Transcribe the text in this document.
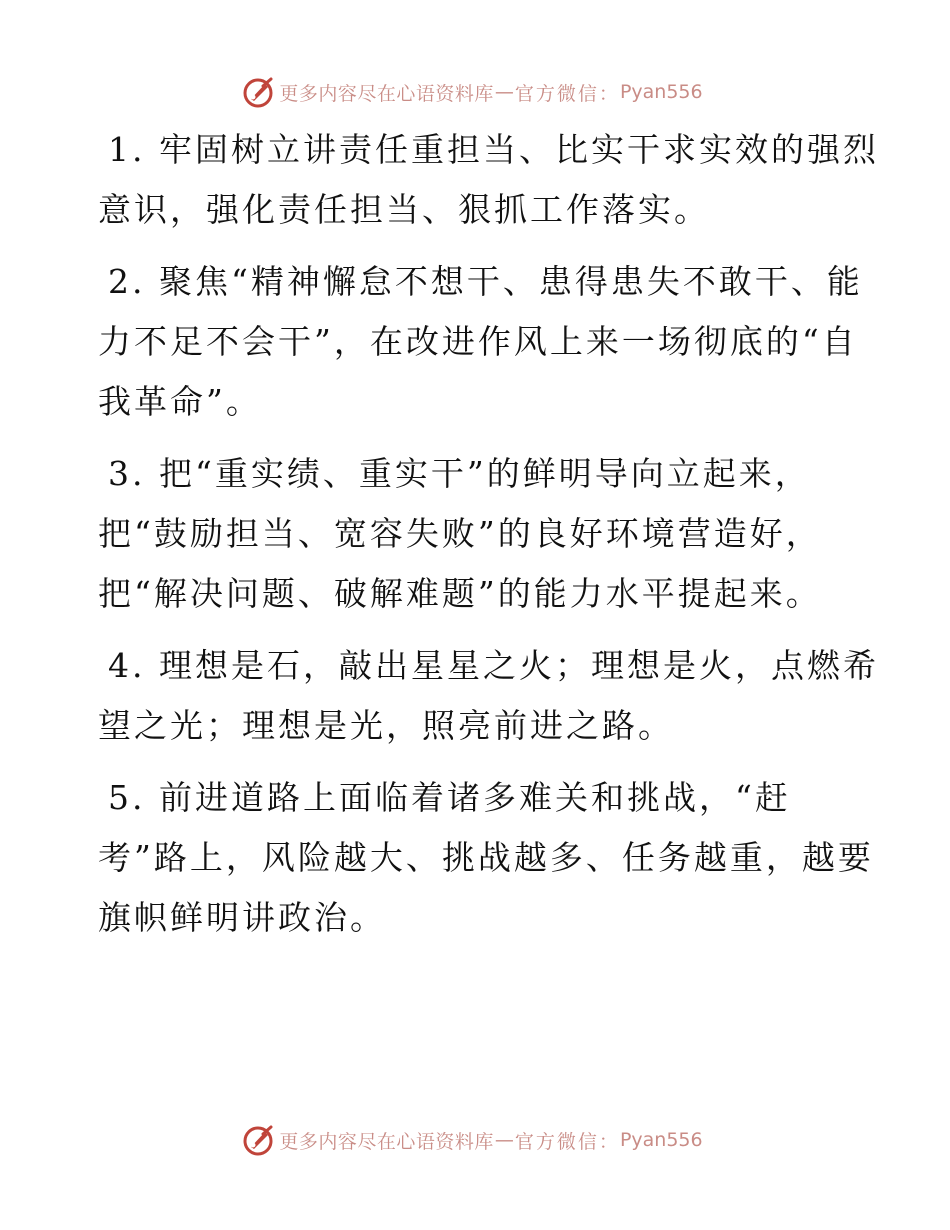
更多内容尽在心语资料库 — 官方微信： Pyan556

1. 牢固树立讲责任重担当、比实干求实效的强烈
意识，强化责任担当、狠抓工作落实。

2. 聚焦“精神懈怠不想干、患得患失不敢干、能
力不足不会干”，在改进作风上来一场彻底的“自
我革命”。

3. 把“重实绩、重实干”的鲜明导向立起来，
把“鼓励担当、宽容失败”的良好环境营造好，
把“解决问题、破解难题”的能力水平提起来。

4. 理想是石，敲出星星之火；理想是火，点燃希
望之光；理想是光，照亮前进之路。

5. 前进道路上面临着诸多难关和挑战，“赶
考”路上，风险越大、挑战越多、任务越重，越要
旗帜鲜明讲政治。

更多内容尽在心语资料库 — 官方微信： Pyan556
